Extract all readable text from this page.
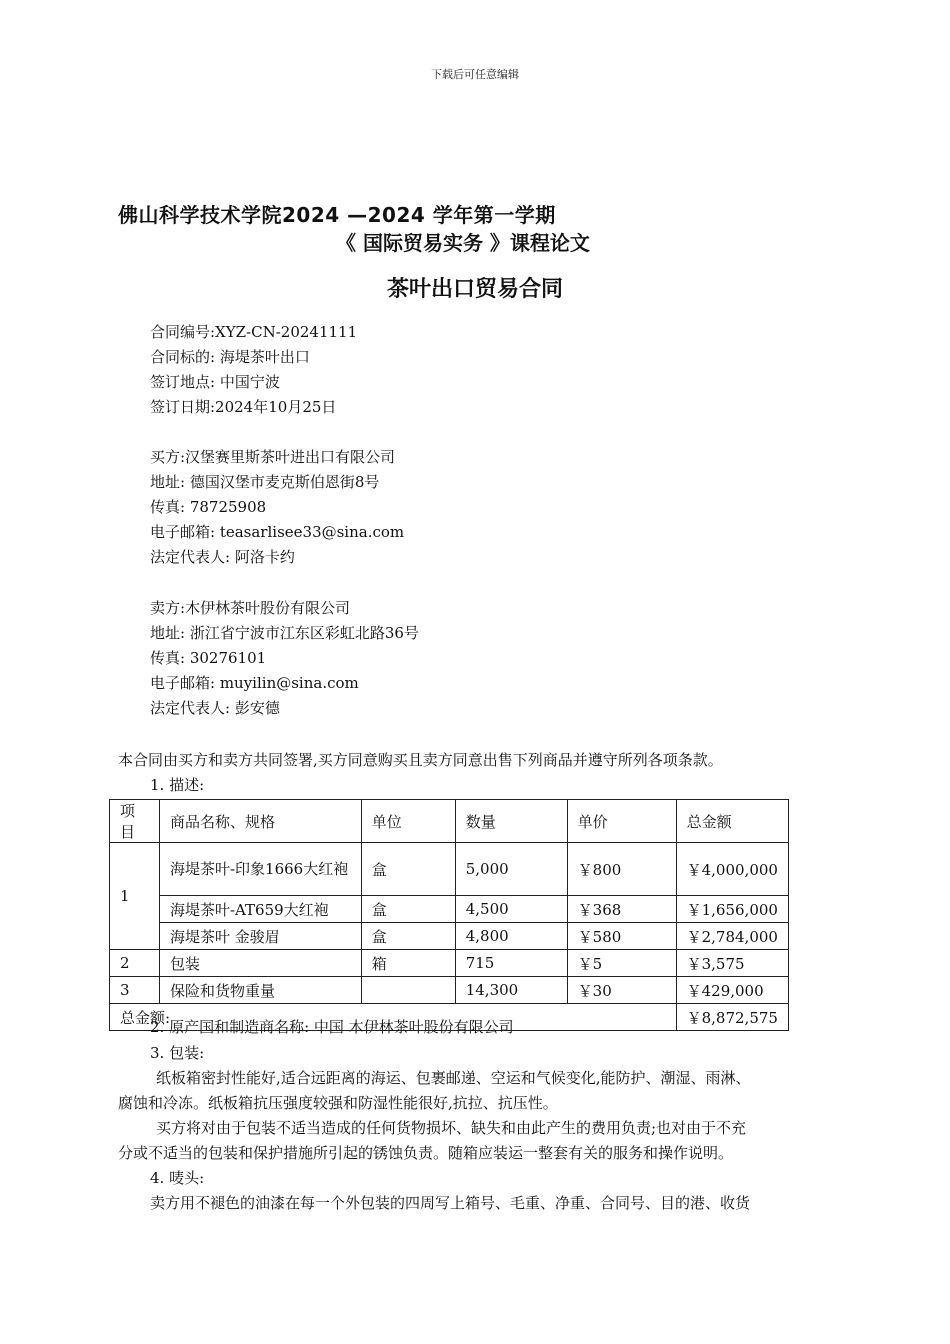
下载后可任意编辑
佛山科学技术学院2024 —2024 学年第一学期
《 国际贸易实务 》课程论文
茶叶出口贸易合同
合同编号:XYZ-CN-20241111
合同标的: 海堤茶叶出口
签订地点: 中国宁波
签订日期:2024年10月25日
买方:汉堡赛里斯茶叶进出口有限公司
地址: 德国汉堡市麦克斯伯恩街8号
传真: 78725908
电子邮箱: teasarlisee33@sina.com
法定代表人: 阿洛卡约
卖方:木伊林茶叶股份有限公司
地址: 浙江省宁波市江东区彩虹北路36号
传真: 30276101
电子邮箱: muyilin@sina.com
法定代表人: 彭安德
本合同由买方和卖方共同签署,买方同意购买且卖方同意出售下列商品并遵守所列各项条款。
1. 描述:
项目	商品名称、规格	单位	数量	单价	总金额
1	海堤茶叶-印象1666大红袍	盒	5,000	￥800	￥4,000,000
	海堤茶叶-AT659大红袍	盒	4,500	￥368	￥1,656,000
	海堤茶叶 金骏眉	盒	4,800	￥580	￥2,784,000
2	包装	箱	715	￥5	￥3,575
3	保险和货物重量		14,300	￥30	￥429,000
总金额:					￥8,872,575
2. 原产国和制造商名称: 中国 木伊林茶叶股份有限公司
3. 包装:
纸板箱密封性能好,适合远距离的海运、包裹邮递、空运和气候变化,能防护、潮湿、雨淋、
腐蚀和冷冻。纸板箱抗压强度较强和防湿性能很好,抗拉、抗压性。
买方将对由于包装不适当造成的任何货物损坏、缺失和由此产生的费用负责;也对由于不充
分或不适当的包装和保护措施所引起的锈蚀负责。随箱应装运一整套有关的服务和操作说明。
4. 唛头:
卖方用不褪色的油漆在每一个外包装的四周写上箱号、毛重、净重、合同号、目的港、收货
